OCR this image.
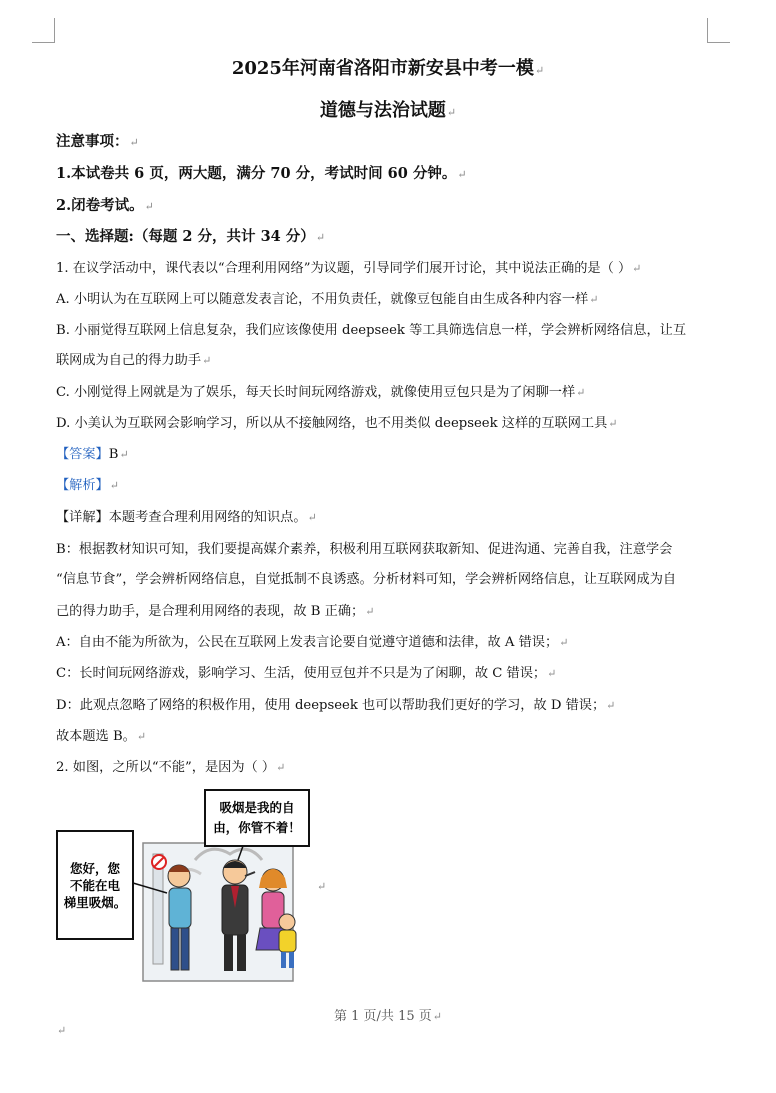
2025年河南省洛阳市新安县中考一模↵
道德与法治试题↵
注意事项：↵
1.本试卷共 6 页，两大题，满分 70 分，考试时间 60 分钟。↵
2.闭卷考试。↵
一、选择题:（每题 2 分，共计 34 分）↵
1. 在议学活动中，课代表以“合理利用网络”为议题，引导同学们展开讨论，其中说法正确的是（ ）↵
A. 小明认为在互联网上可以随意发表言论，不用负责任，就像豆包能自由生成各种内容一样↵
B. 小丽觉得互联网上信息复杂，我们应该像使用 deepseek 等工具筛选信息一样，学会辨析网络信息，让互
联网成为自己的得力助手↵
C. 小刚觉得上网就是为了娱乐，每天长时间玩网络游戏，就像使用豆包只是为了闲聊一样↵
D. 小美认为互联网会影响学习，所以从不接触网络，也不用类似 deepseek 这样的互联网工具↵
【答案】B↵
【解析】↵
【详解】本题考查合理利用网络的知识点。↵
B：根据教材知识可知，我们要提高媒介素养，积极利用互联网获取新知、促进沟通、完善自我，注意学会
“信息节食”，学会辨析网络信息，自觉抵制不良诱惑。分析材料可知，学会辨析网络信息，让互联网成为自
己的得力助手，是合理利用网络的表现，故 B 正确；↵
A：自由不能为所欲为，公民在互联网上发表言论要自觉遵守道德和法律，故 A 错误；↵
C：长时间玩网络游戏，影响学习、生活，使用豆包并不只是为了闲聊，故 C 错误；↵
D：此观点忽略了网络的积极作用，使用 deepseek 也可以帮助我们更好的学习，故 D 错误；↵
故本题选 B。↵
2. 如图，之所以“不能”，是因为（ ）↵
您好，您
不能在电
梯里吸烟。
吸烟是我的自
由，你管不着！
↵
第 1 页/共 15 页↵
↵
